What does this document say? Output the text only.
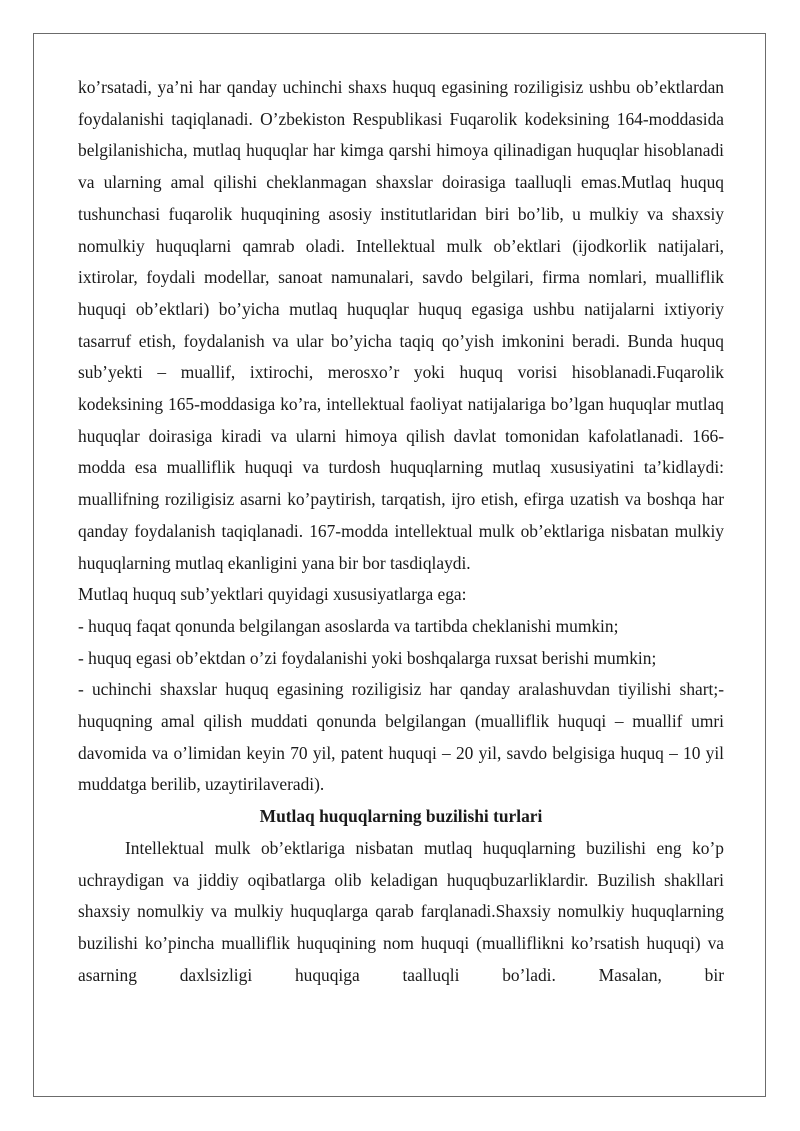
ko’rsatadi, ya’ni har qanday uchinchi shaxs huquq egasining roziligisiz ushbu ob’ektlardan foydalanishi taqiqlanadi. O’zbekiston Respublikasi Fuqarolik kodeksining 164-moddasida belgilanishicha, mutlaq huquqlar har kimga qarshi himoya qilinadigan huquqlar hisoblanadi va ularning amal qilishi cheklanmagan shaxslar doirasiga taalluqli emas.Mutlaq huquq tushunchasi fuqarolik huquqining asosiy institutlaridan biri bo’lib, u mulkiy va shaxsiy nomulkiy huquqlarni qamrab oladi. Intellektual mulk ob’ektlari (ijodkorlik natijalari, ixtirolar, foydali modellar, sanoat namunalari, savdo belgilari, firma nomlari, mualliflik huquqi ob’ektlari) bo’yicha mutlaq huquqlar huquq egasiga ushbu natijalarni ixtiyoriy tasarruf etish, foydalanish va ular bo’yicha taqiq qo’yish imkonini beradi. Bunda huquq sub’yekti – muallif, ixtirochi, merosxo’r yoki huquq vorisi hisoblanadi.Fuqarolik kodeksining 165-moddasiga ko’ra, intellektual faoliyat natijalariga bo’lgan huquqlar mutlaq huquqlar doirasiga kiradi va ularni himoya qilish davlat tomonidan kafolatlanadi. 166-modda esa mualliflik huquqi va turdosh huquqlarning mutlaq xususiyatini ta’kidlaydi: muallifning roziligisiz asarni ko’paytirish, tarqatish, ijro etish, efirga uzatish va boshqa har qanday foydalanish taqiqlanadi. 167-modda intellektual mulk ob’ektlariga nisbatan mulkiy huquqlarning mutlaq ekanligini yana bir bor tasdiqlaydi.

Mutlaq huquq sub’yektlari quyidagi xususiyatlarga ega:

- huquq faqat qonunda belgilangan asoslarda va tartibda cheklanishi mumkin;

- huquq egasi ob’ektdan o’zi foydalanishi yoki boshqalarga ruxsat berishi mumkin;

- uchinchi shaxslar huquq egasining roziligisiz har qanday aralashuvdan tiyilishi shart;- huquqning amal qilish muddati qonunda belgilangan (mualliflik huquqi – muallif umri davomida va o’limidan keyin 70 yil, patent huquqi – 20 yil, savdo belgisiga huquq – 10 yil muddatga berilib, uzaytirilaveradi).

Mutlaq huquqlarning buzilishi turlari

Intellektual mulk ob’ektlariga nisbatan mutlaq huquqlarning buzilishi eng ko’p uchraydigan va jiddiy oqibatlarga olib keladigan huquqbuzarliklardir. Buzilish shakllari shaxsiy nomulkiy va mulkiy huquqlarga qarab farqlanadi.Shaxsiy nomulkiy huquqlarning buzilishi ko’pincha mualliflik huquqining nom huquqi (mualliflikni ko’rsatish huquqi) va asarning daxlsizligi huquqiga taalluqli bo’ladi. Masalan, bir
